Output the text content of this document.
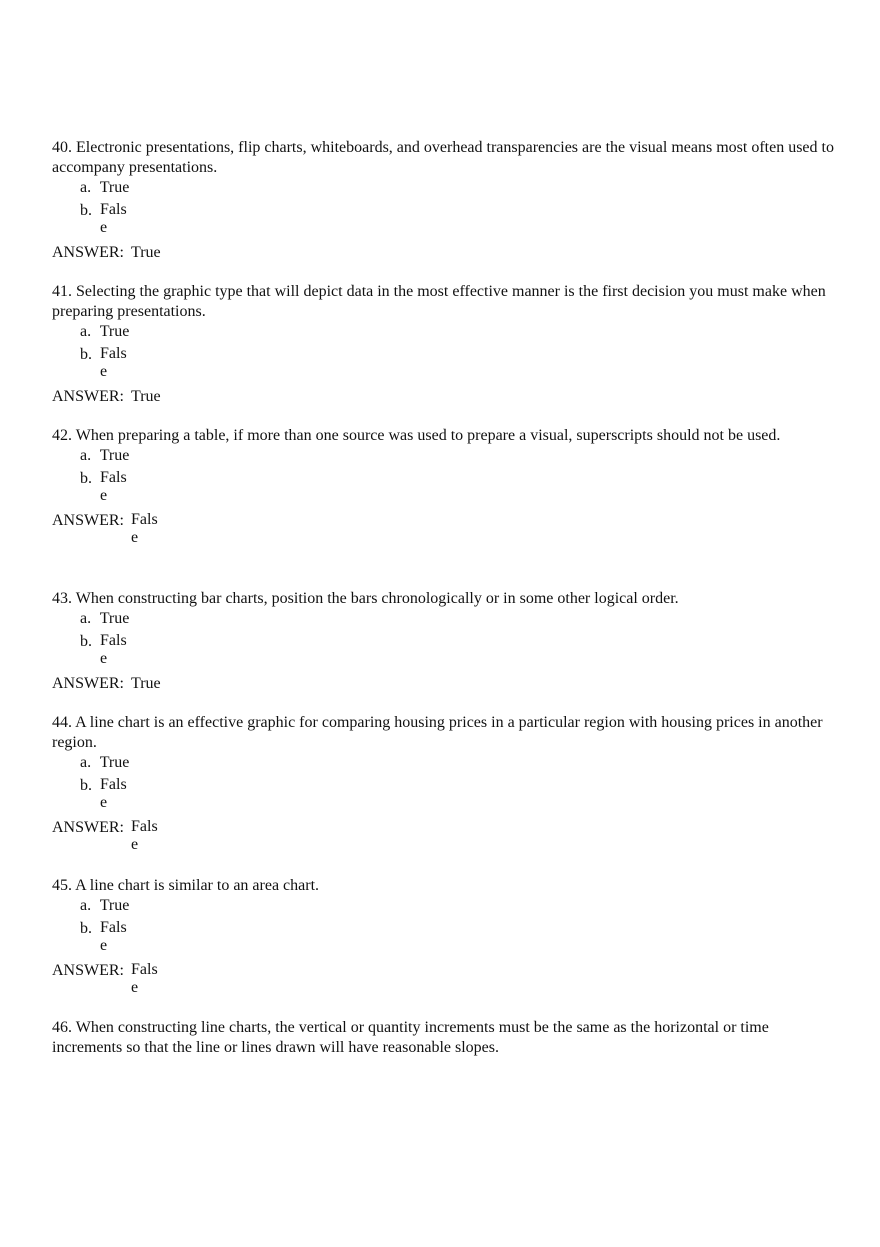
40. Electronic presentations, flip charts, whiteboards, and overhead transparencies are the visual means most often used to accompany presentations.

a. True
b. False
ANSWER: True

41. Selecting the graphic type that will depict data in the most effective manner is the first decision you must make when preparing presentations.

a. True
b. False
ANSWER: True

42. When preparing a table, if more than one source was used to prepare a visual, superscripts should not be used.

a. True
b. False
ANSWER: False

43. When constructing bar charts, position the bars chronologically or in some other logical order.

a. True
b. False
ANSWER: True

44. A line chart is an effective graphic for comparing housing prices in a particular region with housing prices in another region.

a. True
b. False
ANSWER: False

45. A line chart is similar to an area chart.

a. True
b. False
ANSWER: False

46. When constructing line charts, the vertical or quantity increments must be the same as the horizontal or time increments so that the line or lines drawn will have reasonable slopes.
